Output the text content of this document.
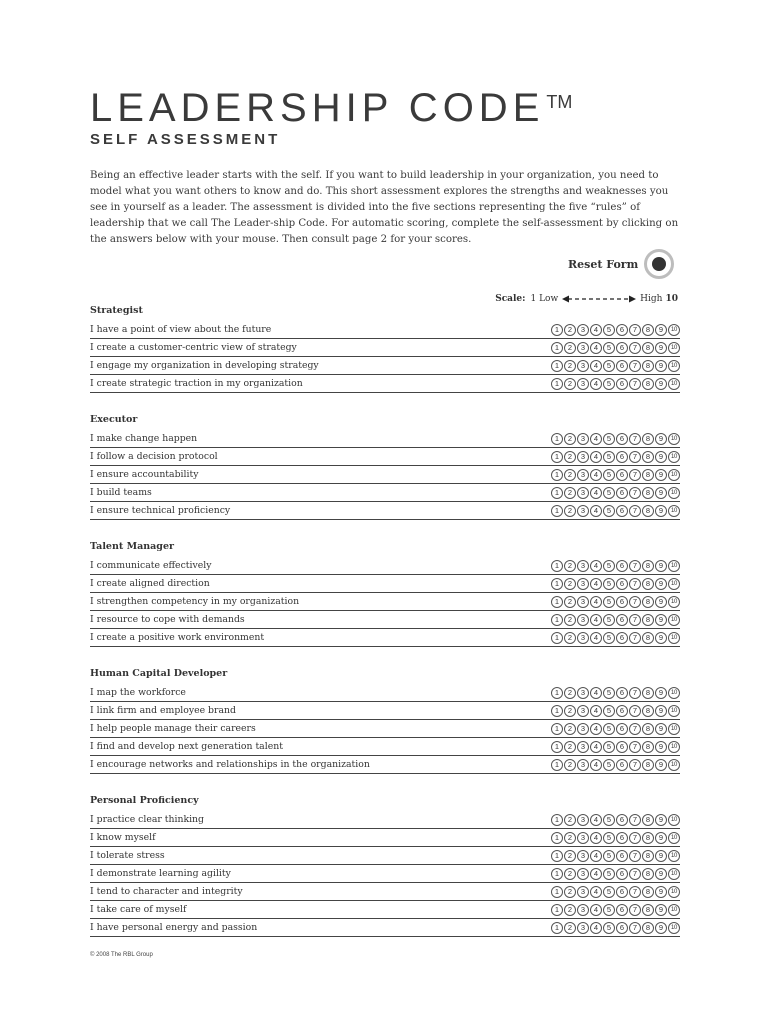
LEADERSHIP CODE ™
SELF ASSESSMENT
Being an effective leader starts with the self. If you want to build leadership in your organization, you need to model what you want others to know and do. This short assessment explores the strengths and weaknesses you see in yourself as a leader. The assessment is divided into the five sections representing the five “rules” of leadership that we call The Leader-ship Code. For automatic scoring, complete the self-assessment by clicking on the answers below with your mouse. Then consult page 2 for your scores.
Reset Form
Scale: 1 Low	High 10
Strategist
I have a point of view about the future	1	2	3	4	5	6	7	8	9	10
I create a customer-centric view of strategy	1	2	3	4	5	6	7	8	9	10
I engage my organization in developing strategy	1	2	3	4	5	6	7	8	9	10
I create strategic traction in my organization	1	2	3	4	5	6	7	8	9	10
Executor
I make change happen	1	2	3	4	5	6	7	8	9	10
I follow a decision protocol	1	2	3	4	5	6	7	8	9	10
I ensure accountability	1	2	3	4	5	6	7	8	9	10
I build teams	1	2	3	4	5	6	7	8	9	10
I ensure technical proficiency	1	2	3	4	5	6	7	8	9	10
Talent Manager
I communicate effectively	1	2	3	4	5	6	7	8	9	10
I create aligned direction	1	2	3	4	5	6	7	8	9	10
I strengthen competency in my organization	1	2	3	4	5	6	7	8	9	10
I resource to cope with demands	1	2	3	4	5	6	7	8	9	10
I create a positive work environment	1	2	3	4	5	6	7	8	9	10
Human Capital Developer
I map the workforce	1	2	3	4	5	6	7	8	9	10
I link firm and employee brand	1	2	3	4	5	6	7	8	9	10
I help people manage their careers	1	2	3	4	5	6	7	8	9	10
I find and develop next generation talent	1	2	3	4	5	6	7	8	9	10
I encourage networks and relationships in the organization	1	2	3	4	5	6	7	8	9	10
Personal Proficiency
I practice clear thinking	1	2	3	4	5	6	7	8	9	10
I know myself	1	2	3	4	5	6	7	8	9	10
I tolerate stress	1	2	3	4	5	6	7	8	9	10
I demonstrate learning agility	1	2	3	4	5	6	7	8	9	10
I tend to character and integrity	1	2	3	4	5	6	7	8	9	10
I take care of myself	1	2	3	4	5	6	7	8	9	10
I have personal energy and passion	1	2	3	4	5	6	7	8	9	10
© 2008 The RBL Group
